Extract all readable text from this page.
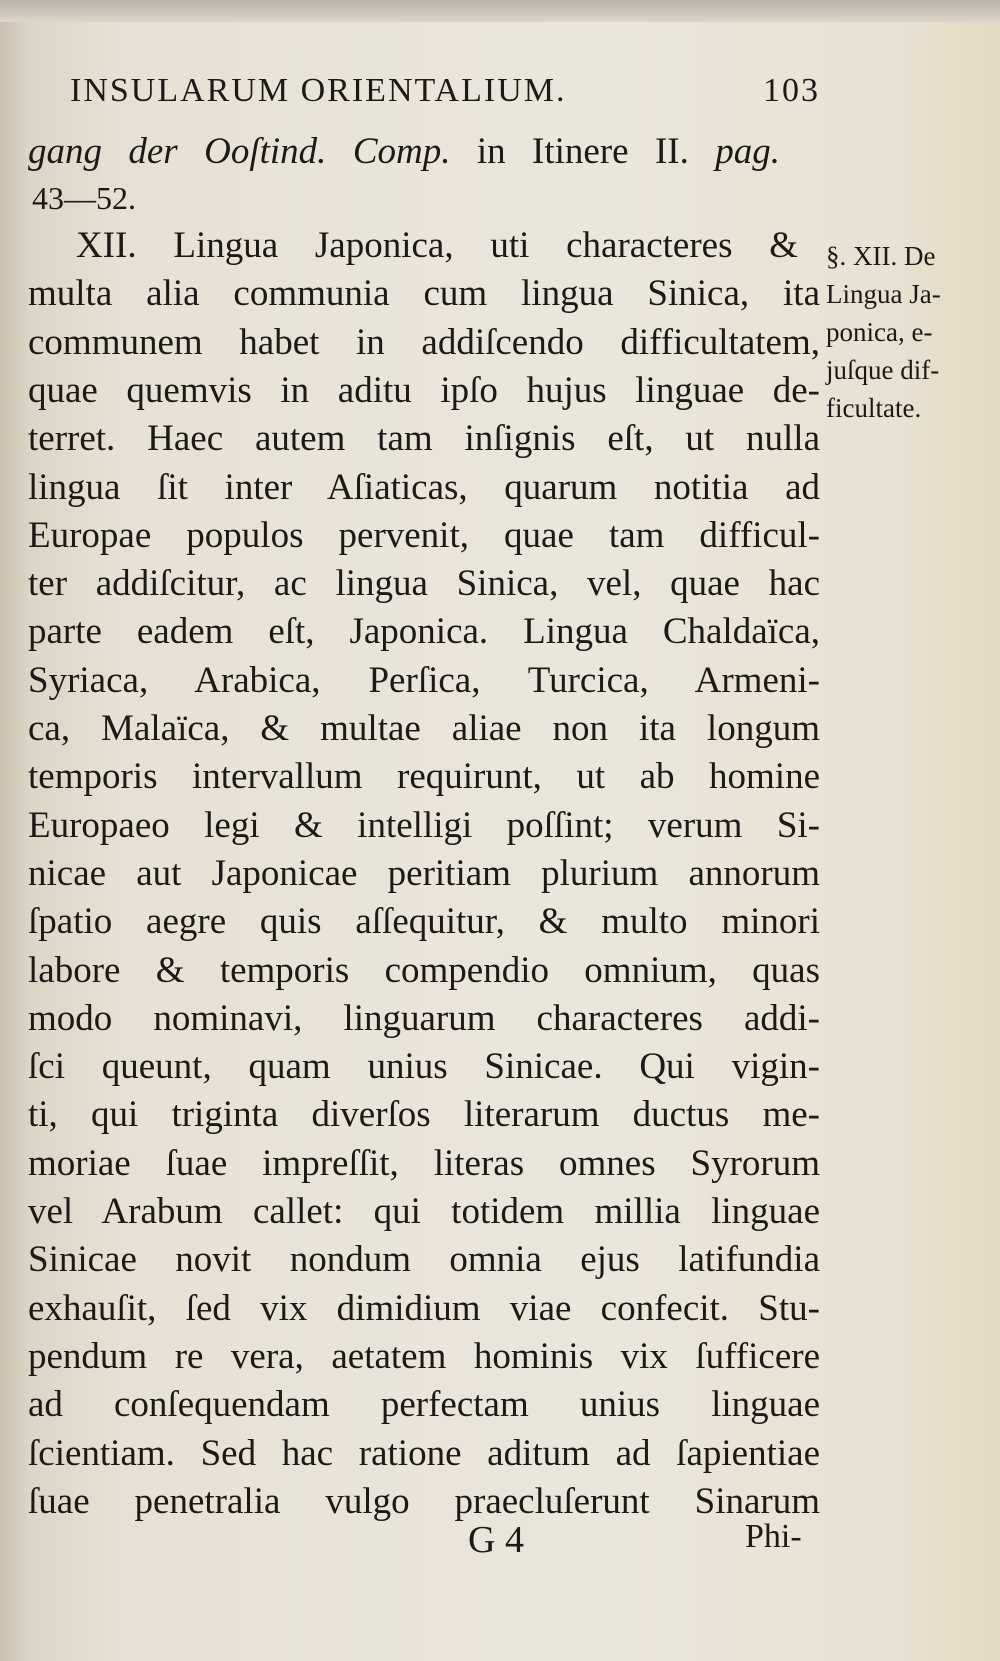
INSULARUM ORIENTALIUM.	103
gang der Ooſtind. Comp. in Itinere II. pag.
43—52.
XII. Lingua Japonica, uti characteres &
multa alia communia cum lingua Sinica, ita
communem habet in addiſcendo difficultatem,
quae quemvis in aditu ipſo hujus linguae de-
terret. Haec autem tam inſignis eſt, ut nulla
lingua ſit inter Aſiaticas, quarum notitia ad
Europae populos pervenit, quae tam difficul-
ter addiſcitur, ac lingua Sinica, vel, quae hac
parte eadem eſt, Japonica. Lingua Chaldaïca,
Syriaca, Arabica, Perſica, Turcica, Armeni-
ca, Malaïca, & multae aliae non ita longum
temporis intervallum requirunt, ut ab homine
Europaeo legi & intelligi poſſint; verum Si-
nicae aut Japonicae peritiam plurium annorum
ſpatio aegre quis aſſequitur, & multo minori
labore & temporis compendio omnium, quas
modo nominavi, linguarum characteres addi-
ſci queunt, quam unius Sinicae. Qui vigin-
ti, qui triginta diverſos literarum ductus me-
moriae ſuae impreſſit, literas omnes Syrorum
vel Arabum callet: qui totidem millia linguae
Sinicae novit nondum omnia ejus latifundia
exhauſit, ſed vix dimidium viae confecit. Stu-
pendum re vera, aetatem hominis vix ſufficere
ad conſequendam perfectam unius linguae
ſcientiam. Sed hac ratione aditum ad ſapientiae
ſuae penetralia vulgo praecluſerunt Sinarum
§. XII. De
Lingua Ja-
ponica, e-
juſque dif-
ficultate.
G 4	Phi-
